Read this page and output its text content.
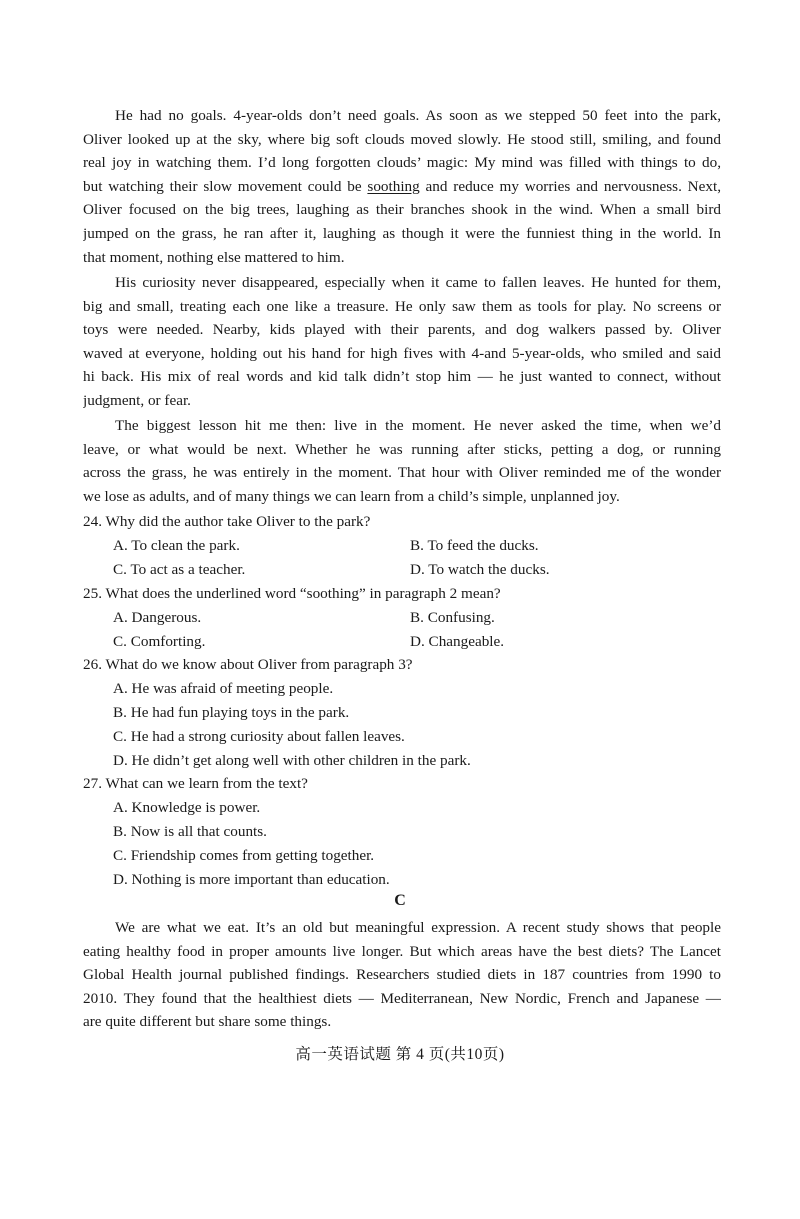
He had no goals. 4-year-olds don’t need goals. As soon as we stepped 50 feet into the park,
Oliver looked up at the sky, where big soft clouds moved slowly. He stood still, smiling, and found
real joy in watching them. I’d long forgotten clouds’ magic: My mind was filled with things to do,
but watching their slow movement could be soothing and reduce my worries and nervousness. Next,
Oliver focused on the big trees, laughing as their branches shook in the wind. When a small bird
jumped on the grass, he ran after it, laughing as though it were the funniest thing in the world. In
that moment, nothing else mattered to him.
His curiosity never disappeared, especially when it came to fallen leaves. He hunted for them,
big and small, treating each one like a treasure. He only saw them as tools for play. No screens or
toys were needed. Nearby, kids played with their parents, and dog walkers passed by. Oliver
waved at everyone, holding out his hand for high fives with 4-and 5-year-olds, who smiled and said
hi back. His mix of real words and kid talk didn’t stop him — he just wanted to connect, without
judgment, or fear.
The biggest lesson hit me then: live in the moment. He never asked the time, when we’d
leave, or what would be next. Whether he was running after sticks, petting a dog, or running
across the grass, he was entirely in the moment. That hour with Oliver reminded me of the wonder
we lose as adults, and of many things we can learn from a child’s simple, unplanned joy.
24. Why did the author take Oliver to the park?
A. To clean the park.	B. To feed the ducks.
C. To act as a teacher.	D. To watch the ducks.
25. What does the underlined word “soothing” in paragraph 2 mean?
A. Dangerous.	B. Confusing.
C. Comforting.	D. Changeable.
26. What do we know about Oliver from paragraph 3?
A. He was afraid of meeting people.
B. He had fun playing toys in the park.
C. He had a strong curiosity about fallen leaves.
D. He didn’t get along well with other children in the park.
27. What can we learn from the text?
A. Knowledge is power.
B. Now is all that counts.
C. Friendship comes from getting together.
D. Nothing is more important than education.
C
We are what we eat. It’s an old but meaningful expression. A recent study shows that people
eating healthy food in proper amounts live longer. But which areas have the best diets? The Lancet
Global Health journal published findings. Researchers studied diets in 187 countries from 1990 to
2010. They found that the healthiest diets — Mediterranean, New Nordic, French and Japanese —
are quite different but share some things.
高一英语试题 第 4 页(共10页)
